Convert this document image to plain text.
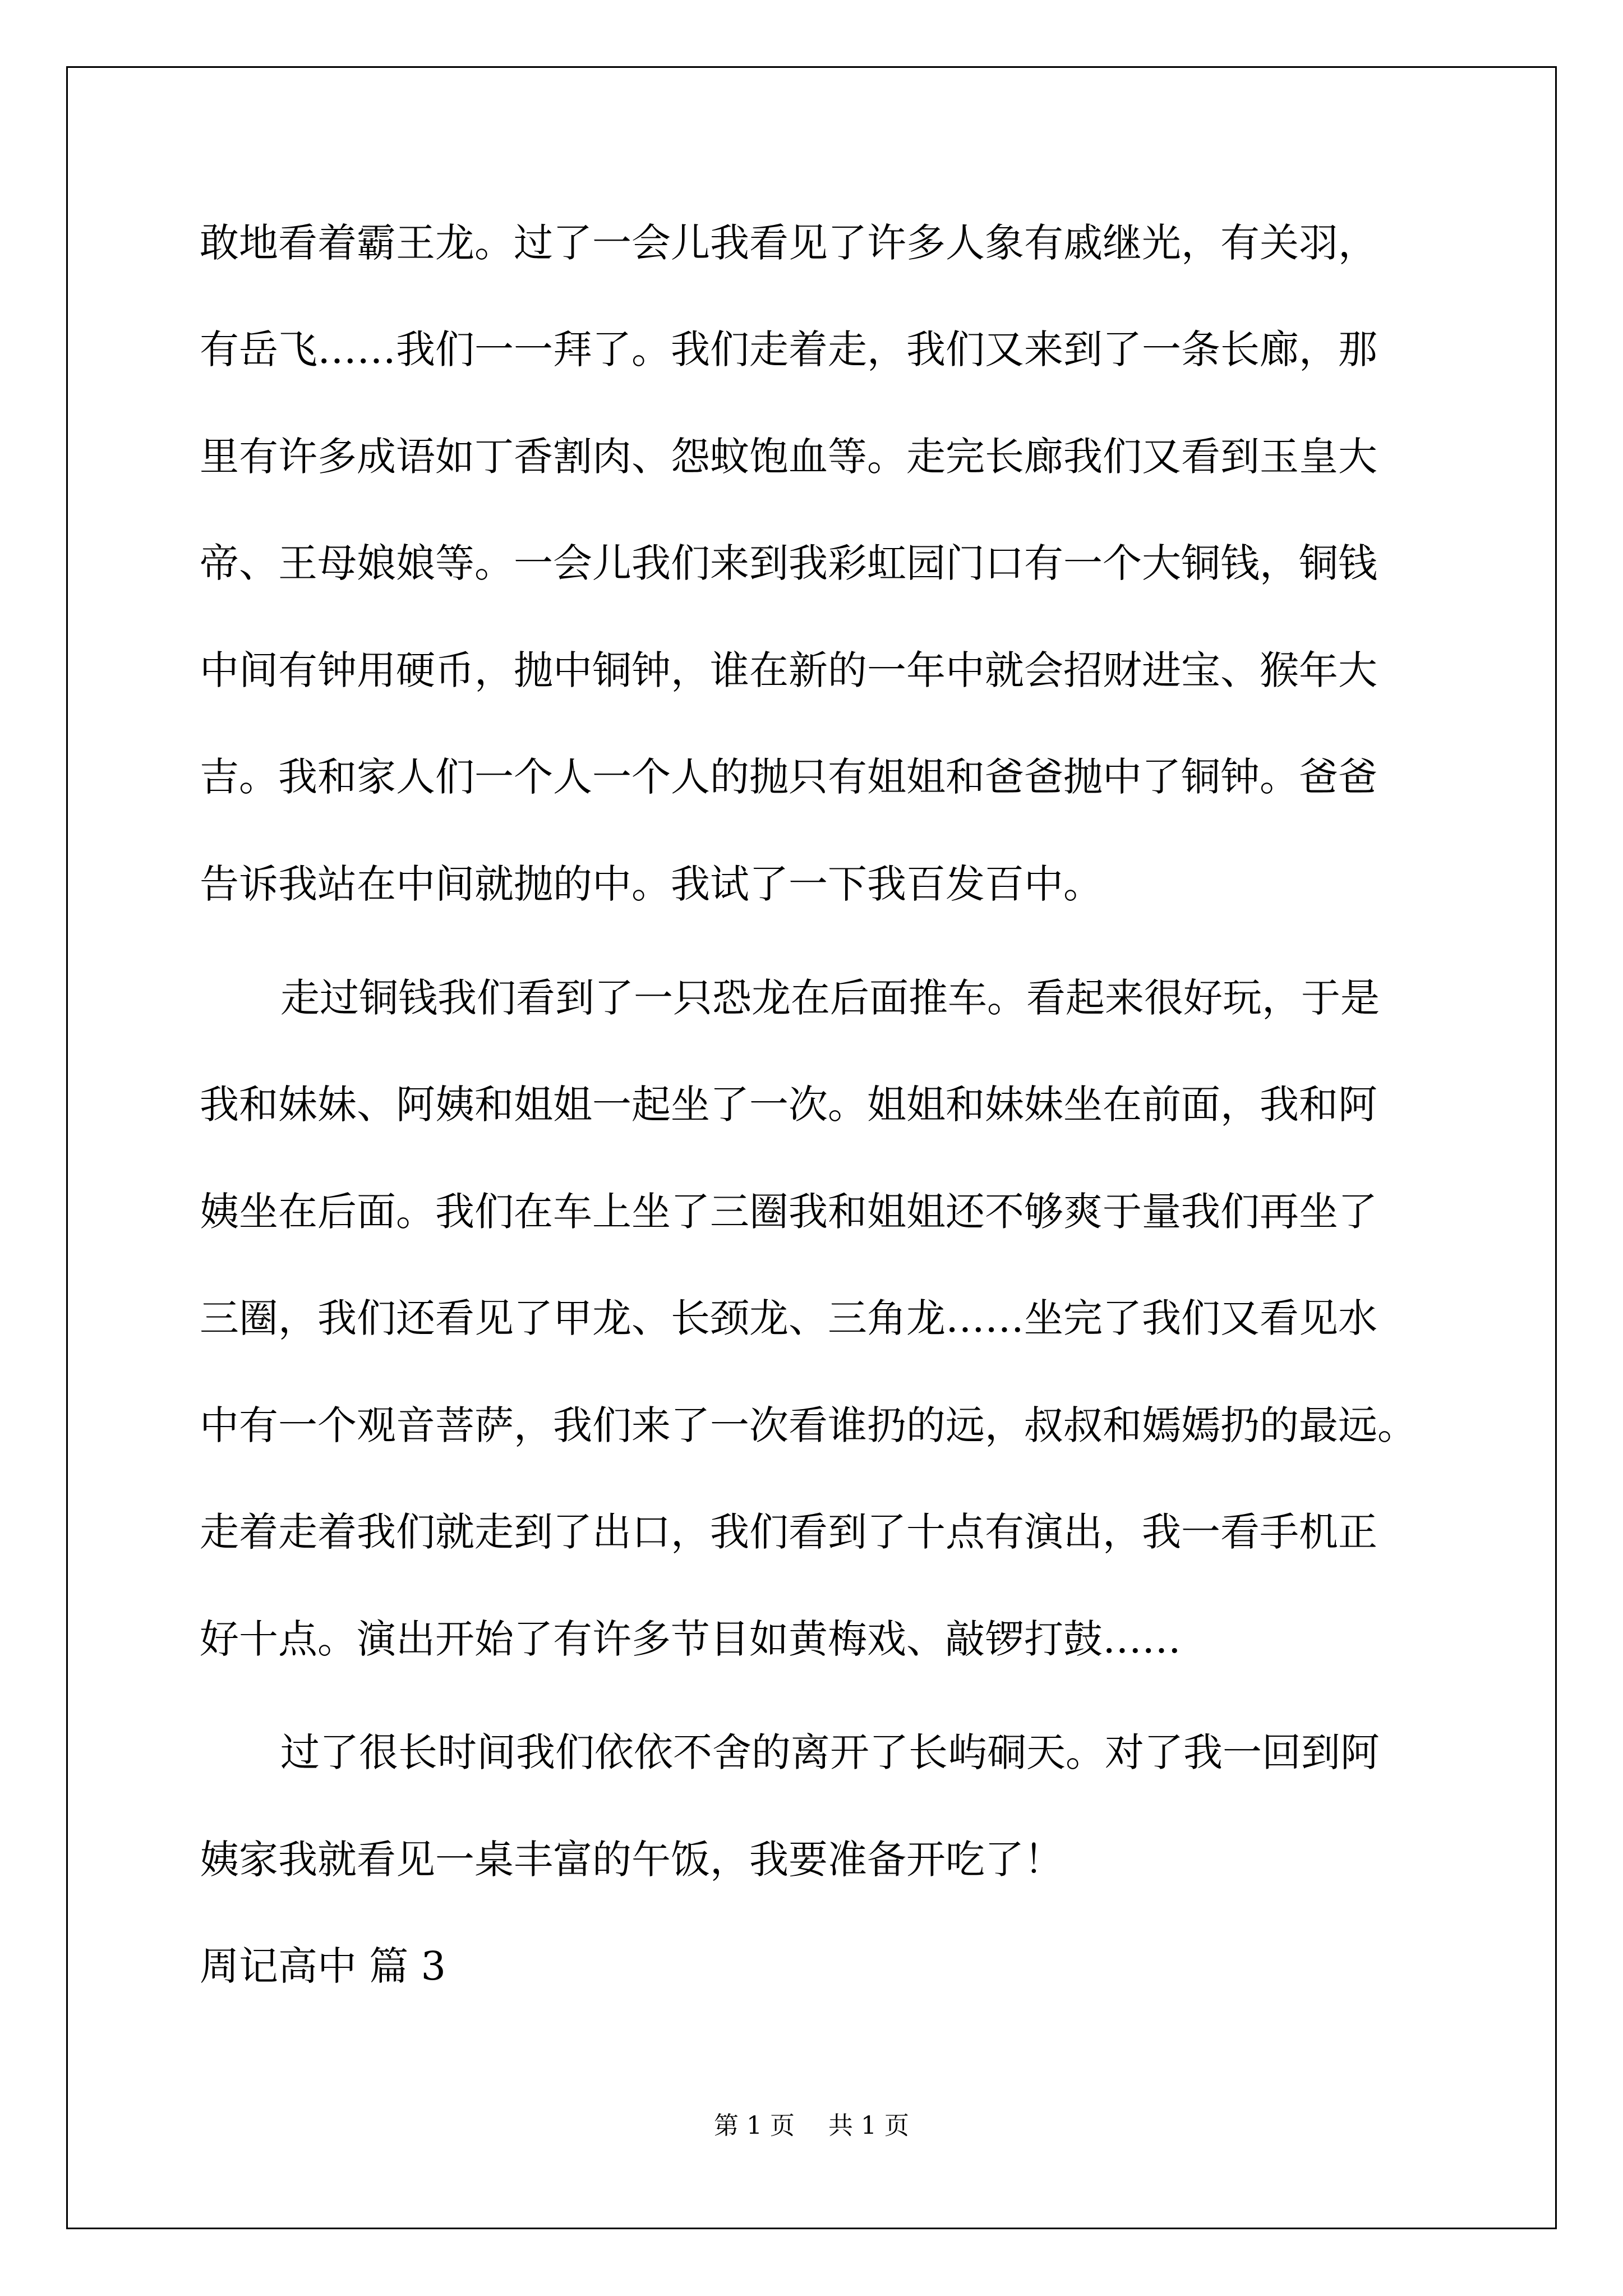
敢地看着霸王龙。过了一会儿我看见了许多人象有戚继光，有关羽，
有岳飞……我们一一拜了。我们走着走，我们又来到了一条长廊，那
里有许多成语如丁香割肉、怨蚊饱血等。走完长廊我们又看到玉皇大
帝、王母娘娘等。一会儿我们来到我彩虹园门口有一个大铜钱，铜钱
中间有钟用硬币，抛中铜钟，谁在新的一年中就会招财进宝、猴年大
吉。我和家人们一个人一个人的抛只有姐姐和爸爸抛中了铜钟。爸爸
告诉我站在中间就抛的中。我试了一下我百发百中。
走过铜钱我们看到了一只恐龙在后面推车。看起来很好玩，于是
我和妹妹、阿姨和姐姐一起坐了一次。姐姐和妹妹坐在前面，我和阿
姨坐在后面。我们在车上坐了三圈我和姐姐还不够爽于量我们再坐了
三圈，我们还看见了甲龙、长颈龙、三角龙……坐完了我们又看见水
中有一个观音菩萨，我们来了一次看谁扔的远，叔叔和嫣嫣扔的最远。
走着走着我们就走到了出口，我们看到了十点有演出，我一看手机正
好十点。演出开始了有许多节目如黄梅戏、敲锣打鼓……
过了很长时间我们依依不舍的离开了长屿硐天。对了我一回到阿
姨家我就看见一桌丰富的午饭，我要准备开吃了！
周记高中 篇 3
第 1 页 共 1 页
